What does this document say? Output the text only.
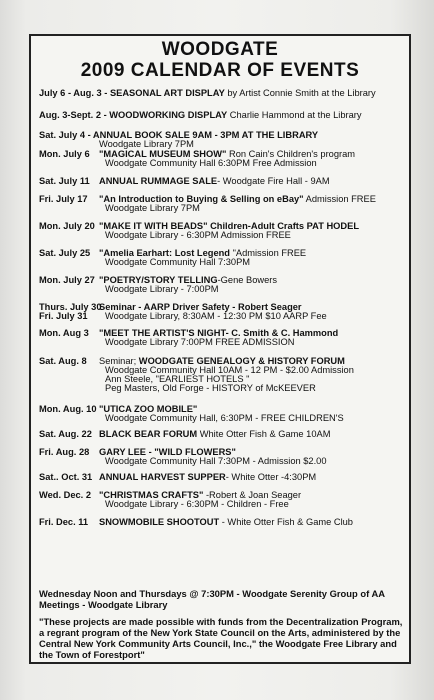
WOODGATE
2009 CALENDAR OF EVENTS
July 6 - Aug. 3 - SEASONAL ART DISPLAY by Artist Connie Smith at the Library
Aug. 3-Sept. 2 - WOODWORKING DISPLAY Charlie Hammond at the Library
Sat. July 4 - ANNUAL BOOK SALE 9AM - 3PM AT THE LIBRARY
Woodgate Library 7PM
Mon. July 6 "MAGICAL MUSEUM SHOW" Ron Cain's Children's program
Woodgate Community Hall 6:30PM Free Admission
Sat. July 11 ANNUAL RUMMAGE SALE- Woodgate Fire Hall - 9AM
Fri. July 17 "An Introduction to Buying & Selling on eBay" Admission FREE
Woodgate Library 7PM
Mon. July 20 "MAKE IT WITH BEADS" Children-Adult Crafts PAT HODEL
Woodgate Library - 6:30PM Admission FREE
Sat. July 25 "Amelia Earhart: Lost Legend "Admission FREE
Woodgate Community Hall 7:30PM
Mon. July 27 "POETRY/STORY TELLING-Gene Bowers
Woodgate Library - 7:00PM
Thurs. July 30
Fri. July 31
Seminar - AARP Driver Safety - Robert Seager
Woodgate Library, 8:30AM - 12:30 PM $10 AARP Fee
Mon. Aug 3 "MEET THE ARTIST'S NIGHT- C. Smith & C. Hammond
Woodgate Library 7:00PM FREE ADMISSION
Sat. Aug. 8 Seminar; WOODGATE GENEALOGY & HISTORY FORUM
Woodgate Community Hall 10AM - 12 PM - $2.00 Admission
Ann Steele, "EARLIEST HOTELS "
Peg Masters, Old Forge - HISTORY of McKEEVER
Mon. Aug. 10 "UTICA ZOO MOBILE"
Woodgate Community Hall, 6:30PM - FREE CHILDREN'S
Sat. Aug. 22 BLACK BEAR FORUM White Otter Fish & Game 10AM
Fri. Aug. 28 GARY LEE - "WILD FLOWERS"
Woodgate Community Hall 7:30PM - Admission $2.00
Sat.. Oct. 31 ANNUAL HARVEST SUPPER- White Otter -4:30PM
Wed. Dec. 2 "CHRISTMAS CRAFTS" -Robert & Joan Seager
Woodgate Library - 6:30PM - Children - Free
Fri. Dec. 11 SNOWMOBILE SHOOTOUT - White Otter Fish & Game Club
Wednesday Noon and Thursdays @ 7:30PM - Woodgate Serenity Group of AA Meetings - Woodgate Library
"These projects are made possible with funds from the Decentralization Program, a regrant program of the New York State Council on the Arts, administered by the Central New York Community Arts Council, Inc.," the Woodgate Free Library and the Town of Forestport"
